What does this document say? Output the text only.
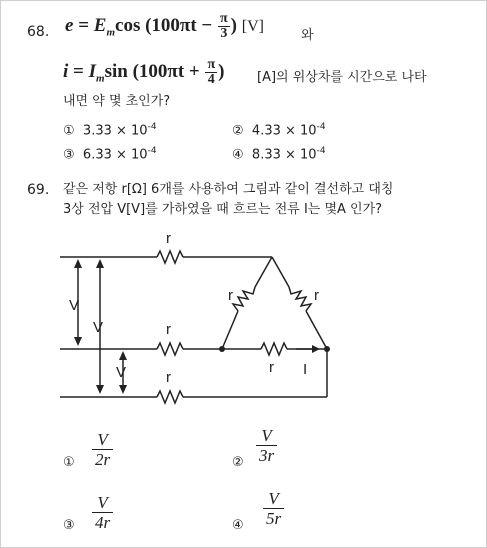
68. $e = E_m\cos$ ($100\pi t - \frac{\pi}{3}$ ) [V]
와
$i = I_m\sin$ ($100\pi t + \frac{\pi}{4}$ )	[A]의 위상차를 시간으로 나타
내면 약 몇 초인가?
① $3.33 \times 10^{-4}$	② $4.33 \times 10^{-4}$
③ $6.33 \times 10^{-4}$	④ $8.33 \times 10^{-4}$
69. 같은 저항 r[Ω] 6개를 사용하여 그림과 같이 결선하고 대칭
3상 전압 V[V]를 가하였을 때 흐르는 전류 I는 몇A 인가?
r
r
r
r	r
r
V
V
V	I
① $\frac{V}{2r}$	② $\frac{V}{3r}$
③ $\frac{V}{4r}$	④ $\frac{V}{5r}$
